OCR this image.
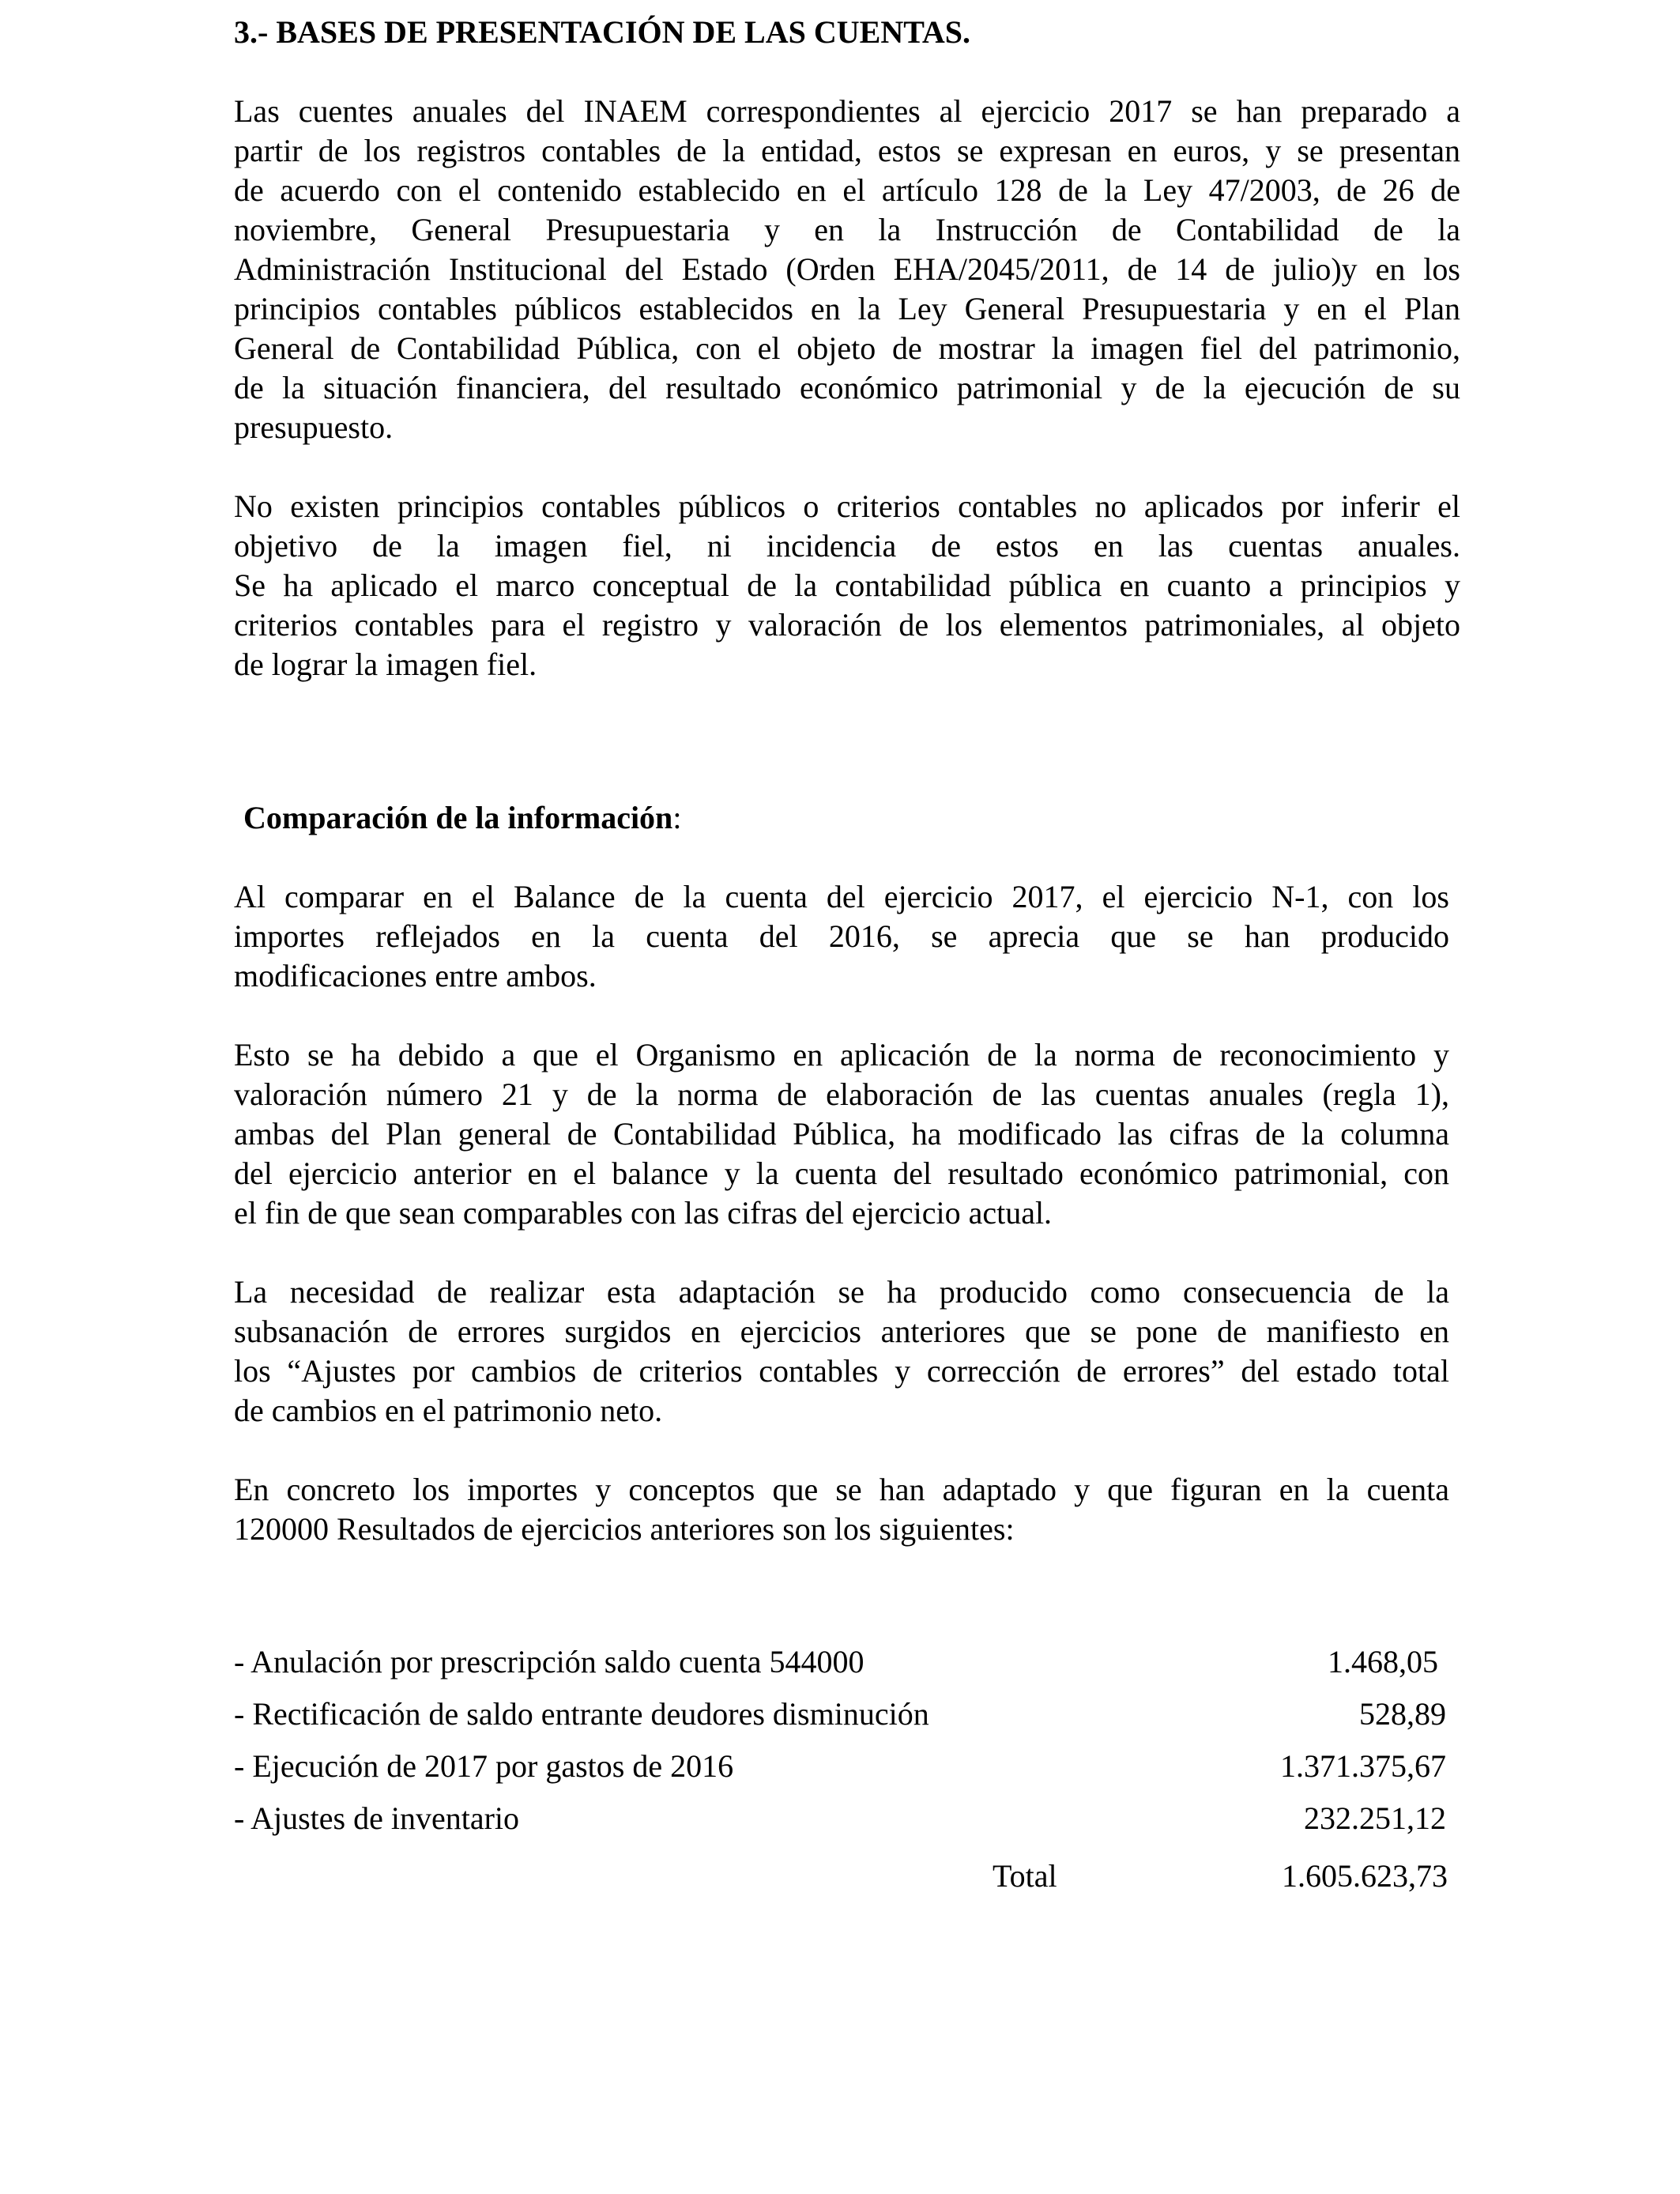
3.- BASES DE PRESENTACIÓN DE LAS CUENTAS.
Las cuentes anuales del INAEM correspondientes al ejercicio 2017 se han preparado a
partir de los registros contables de la entidad, estos se expresan en euros, y se presentan
de acuerdo con el contenido establecido en el artículo 128 de la Ley 47/2003, de 26 de
noviembre, General Presupuestaria y en la Instrucción de Contabilidad de la
Administración Institucional del Estado (Orden EHA/2045/2011, de 14 de julio)y en los
principios contables públicos establecidos en la Ley General Presupuestaria y en el Plan
General de Contabilidad Pública, con el objeto de mostrar la imagen fiel del patrimonio,
de la situación financiera, del resultado económico patrimonial y de la ejecución de su
presupuesto.
No existen principios contables públicos o criterios contables no aplicados por inferir el
objetivo de la imagen fiel, ni incidencia de estos en las cuentas anuales.
Se ha aplicado el marco conceptual de la contabilidad pública en cuanto a principios y
criterios contables para el registro y valoración de los elementos patrimoniales, al objeto
de lograr la imagen fiel.
Comparación de la información:
Al comparar en el Balance de la cuenta del ejercicio 2017, el ejercicio N-1, con los
importes reflejados en la cuenta del 2016, se aprecia que se han producido
modificaciones entre ambos.
Esto se ha debido a que el Organismo en aplicación de la norma de reconocimiento y
valoración número 21 y de la norma de elaboración de las cuentas anuales (regla 1),
ambas del Plan general de Contabilidad Pública, ha modificado las cifras de la columna
del ejercicio anterior en el balance y la cuenta del resultado económico patrimonial, con
el fin de que sean comparables con las cifras del ejercicio actual.
La necesidad de realizar esta adaptación se ha producido como consecuencia de la
subsanación de errores surgidos en ejercicios anteriores que se pone de manifiesto en
los “Ajustes por cambios de criterios contables y corrección de errores” del estado total
de cambios en el patrimonio neto.
En concreto los importes y conceptos que se han adaptado y que figuran en la cuenta
120000 Resultados de ejercicios anteriores son los siguientes:
- Anulación por prescripción saldo cuenta 544000	1.468,05
- Rectificación de saldo entrante deudores disminución	528,89
- Ejecución de 2017 por gastos de 2016	1.371.375,67
- Ajustes de inventario	232.251,12
Total	1.605.623,73
